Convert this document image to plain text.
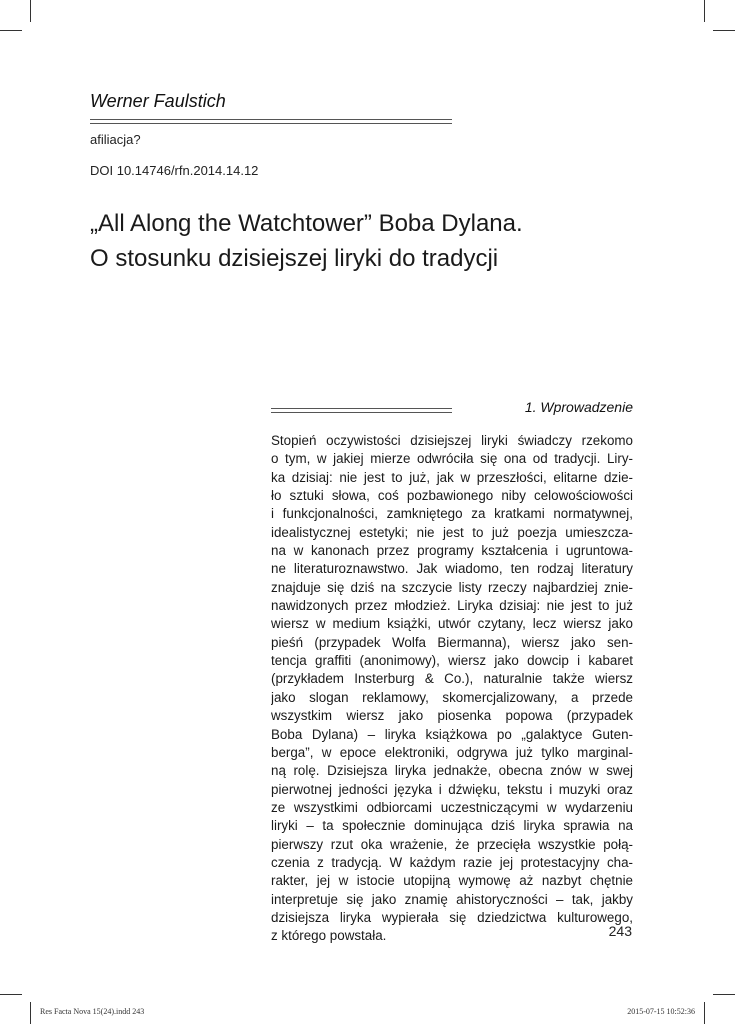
Werner Faulstich
afiliacja?
DOI 10.14746/rfn.2014.14.12
„All Along the Watchtower” Boba Dylana.
O stosunku dzisiejszej liryki do tradycji
1. Wprowadzenie
Stopień oczywistości dzisiejszej liryki świadczy rzekomo
o tym, w jakiej mierze odwróciła się ona od tradycji. Liry-
ka dzisiaj: nie jest to już, jak w przeszłości, elitarne dzie-
ło sztuki słowa, coś pozbawionego niby celowościowości
i funkcjonalności, zamkniętego za kratkami normatywnej,
idealistycznej estetyki; nie jest to już poezja umieszcza-
na w kanonach przez programy kształcenia i ugruntowa-
ne literaturoznawstwo. Jak wiadomo, ten rodzaj literatury
znajduje się dziś na szczycie listy rzeczy najbardziej znie-
nawidzonych przez młodzież. Liryka dzisiaj: nie jest to już
wiersz w medium książki, utwór czytany, lecz wiersz jako
pieśń (przypadek Wolfa Biermanna), wiersz jako sen-
tencja graffiti (anonimowy), wiersz jako dowcip i kabaret
(przykładem Insterburg & Co.), naturalnie także wiersz
jako slogan reklamowy, skomercjalizowany, a przede
wszystkim wiersz jako piosenka popowa (przypadek
Boba Dylana) – liryka książkowa po „galaktyce Guten-
berga”, w epoce elektroniki, odgrywa już tylko marginal-
ną rolę. Dzisiejsza liryka jednakże, obecna znów w swej
pierwotnej jedności języka i dźwięku, tekstu i muzyki oraz
ze wszystkimi odbiorcami uczestniczącymi w wydarzeniu
liryki – ta społecznie dominująca dziś liryka sprawia na
pierwszy rzut oka wrażenie, że przecięła wszystkie połą-
czenia z tradycją. W każdym razie jej protestacyjny cha-
rakter, jej w istocie utopijną wymowę aż nazbyt chętnie
interpretuje się jako znamię ahistoryczności – tak, jakby
dzisiejsza liryka wypierała się dziedzictwa kulturowego,
z którego powstała.	243
Res Facta Nova 15(24).indd 243	2015-07-15 10:52:36
